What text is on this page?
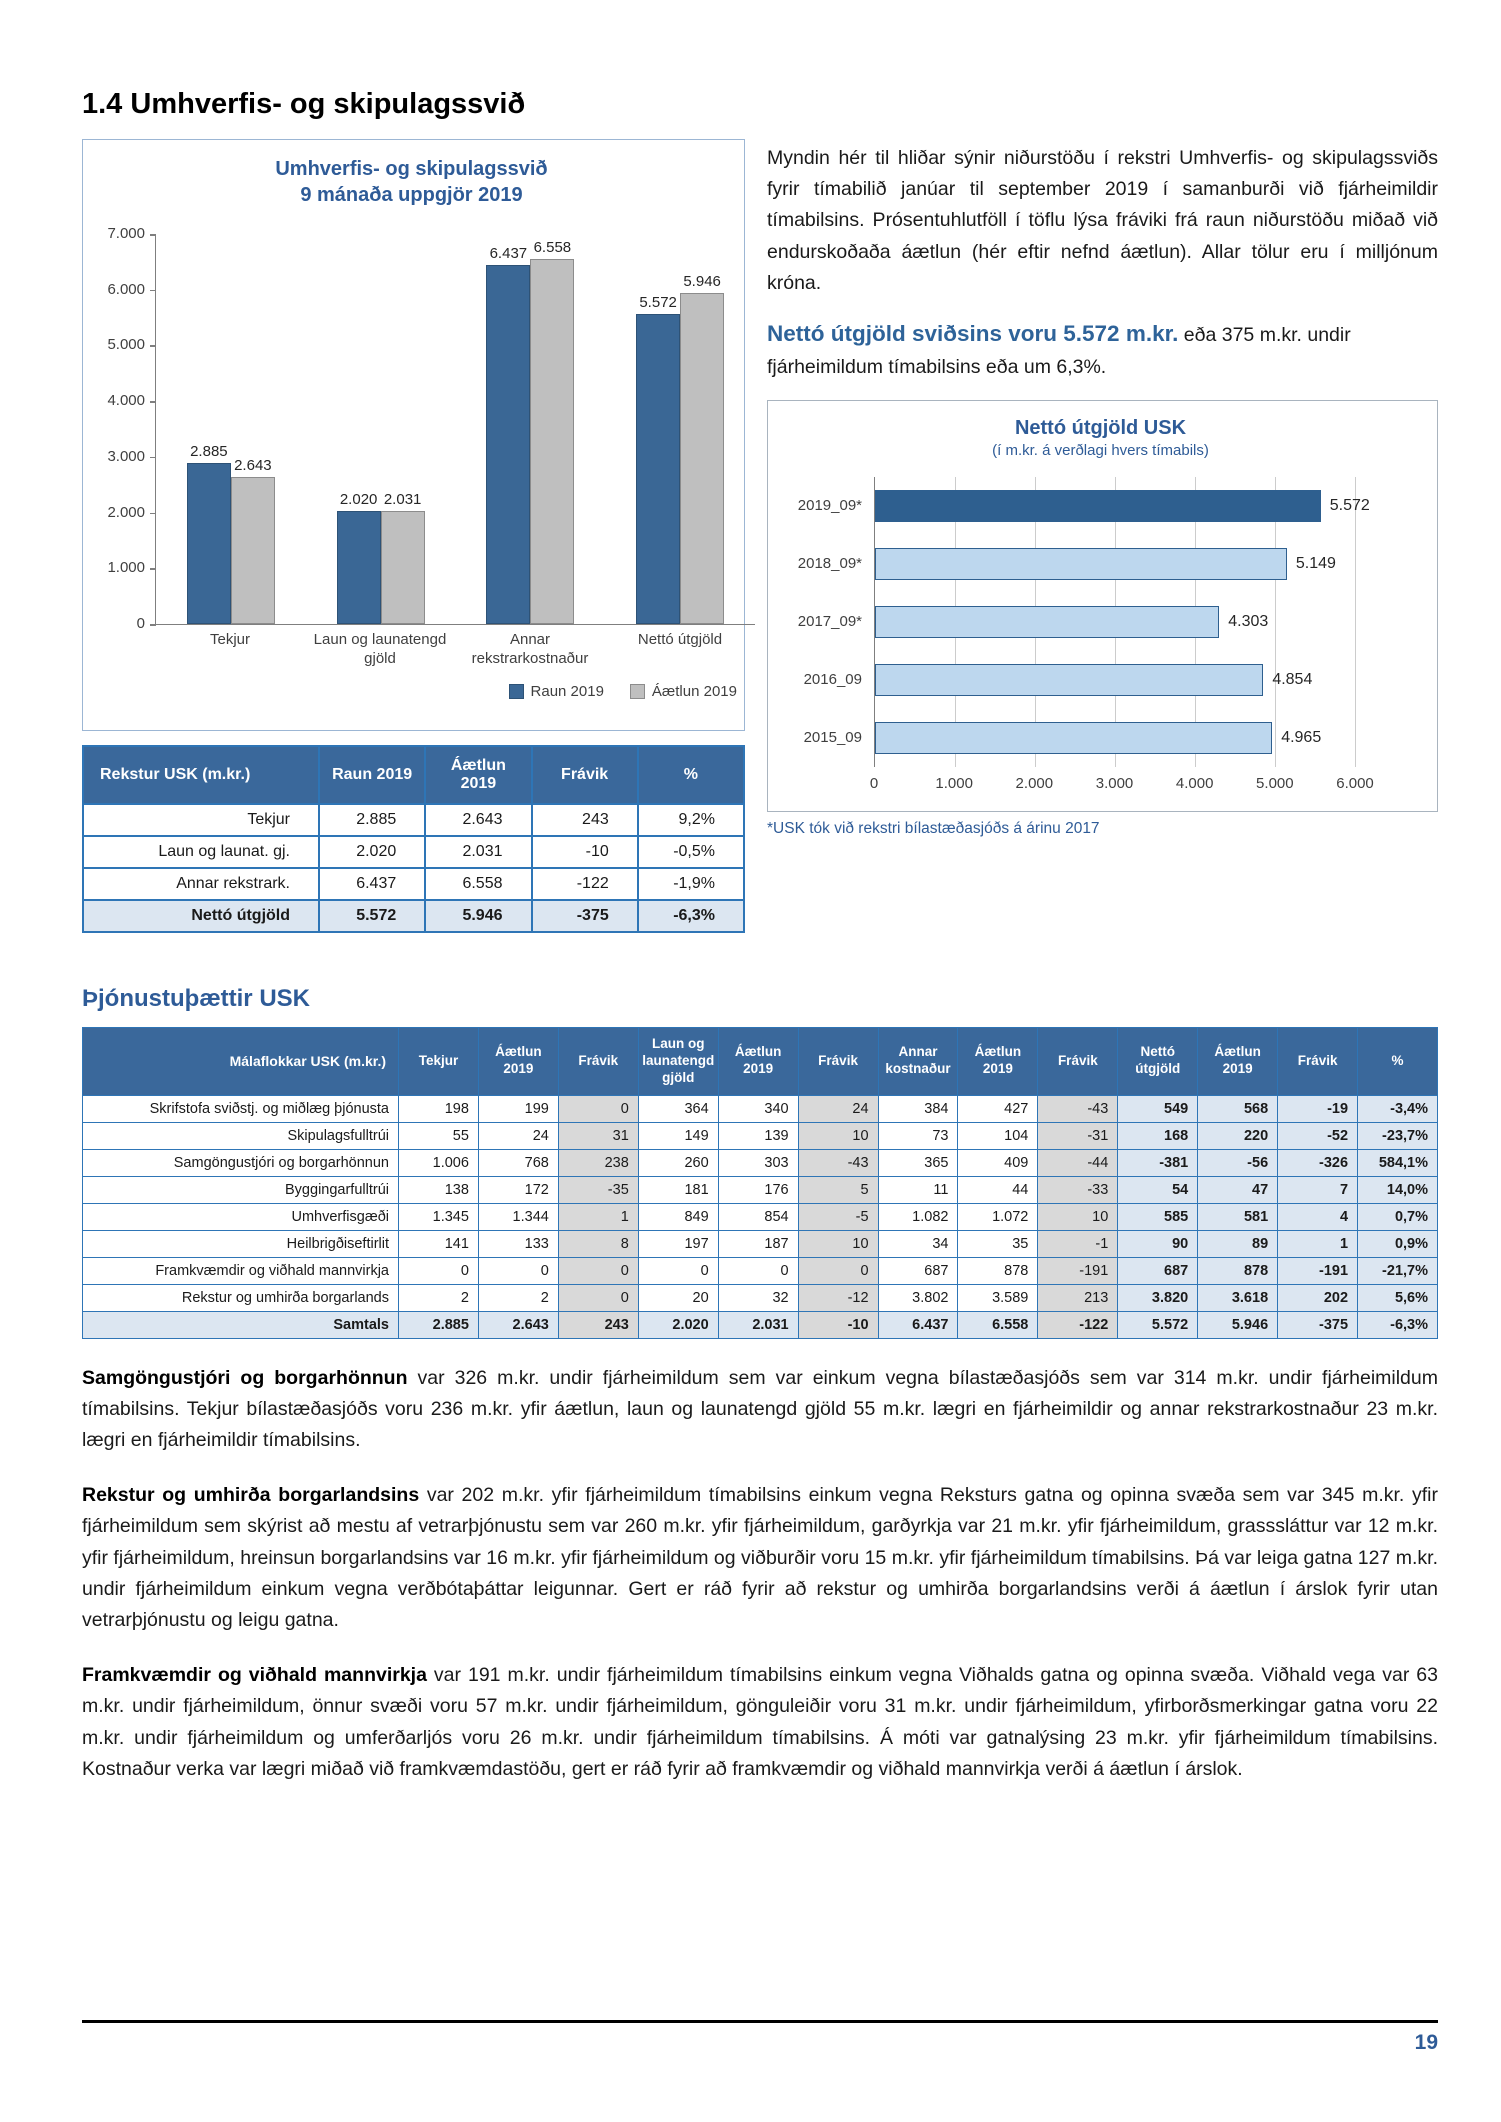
1.4 Umhverfis- og skipulagssvið
Umhverfis- og skipulagssvið
9 mánaða uppgjör 2019
7.000
6.000
5.000
4.000
3.000
2.000
1.000
0
2.885
2.643
2.020 2.031
6.437 6.558
5.572
5.946
Tekjur	Laun og launatengd gjöld
Annar rekstrarkostnaður
Nettó útgjöld
Raun 2019	Áætlun 2019
Rekstur USK (m.kr.)	Raun 2019	Áætlun 2019	Frávik	%
Tekjur	2.885	2.643	243	9,2%
Laun og launat. gj.	2.020	2.031	-10	-0,5%
Annar rekstrark.	6.437	6.558	-122	-1,9%
Nettó útgjöld	5.572	5.946	-375	-6,3%

Myndin hér til hliðar sýnir niðurstöðu í rekstri Umhverfis- og skipulagssviðs fyrir tímabilið janúar til september 2019 í samanburði við fjárheimildir tímabilsins. Prósentuhlutföll í töflu lýsa fráviki frá raun niðurstöðu miðað við endurskoðaða áætlun (hér eftir nefnd áætlun). Allar tölur eru í milljónum króna.

Nettó útgjöld sviðsins voru 5.572 m.kr. eða 375 m.kr. undir fjárheimildum tímabilsins eða um 6,3%.

Nettó útgjöld USK
(í m.kr. á verðlagi hvers tímabils)
2019_09*
2018_09*
2017_09*
2016_09
2015_09
5.572
5.149
4.303
4.854
4.965
0	1.000	2.000	3.000	4.000	5.000	6.000
*USK tók við rekstri bílastæðasjóðs á árinu 2017
Þjónustuþættir USK
Málaflokkar USK (m.kr.)	Tekjur	Áætlun 2019	Frávik	Laun og launatengd gjöld	Áætlun 2019	Frávik	Annar kostnaður	Áætlun 2019	Frávik	Nettó útgjöld	Áætlun 2019	Frávik	%
Skrifstofa sviðstj. og miðlæg þjónusta	198	199	0	364	340	24	384	427	-43	549	568	-19	-3,4%
Skipulagsfulltrúi	55	24	31	149	139	10	73	104	-31	168	220	-52	-23,7%
Samgöngustjóri og borgarhönnun	1.006	768	238	260	303	-43	365	409	-44	-381	-56	-326	584,1%
Byggingarfulltrúi	138	172	-35	181	176	5	11	44	-33	54	47	7	14,0%
Umhverfisgæði	1.345	1.344	1	849	854	-5	1.082	1.072	10	585	581	4	0,7%
Heilbrigðiseftirlit	141	133	8	197	187	10	34	35	-1	90	89	1	0,9%
Framkvæmdir og viðhald mannvirkja	0	0	0	0	0	0	687	878	-191	687	878	-191	-21,7%
Rekstur og umhirða borgarlands	2	2	0	20	32	-12	3.802	3.589	213	3.820	3.618	202	5,6%
Samtals	2.885	2.643	243	2.020	2.031	-10	6.437	6.558	-122	5.572	5.946	-375	-6,3%

Samgöngustjóri og borgarhönnun var 326 m.kr. undir fjárheimildum sem var einkum vegna bílastæðasjóðs sem var 314 m.kr. undir fjárheimildum tímabilsins. Tekjur bílastæðasjóðs voru 236 m.kr. yfir áætlun, laun og launatengd gjöld 55 m.kr. lægri en fjárheimildir og annar rekstrarkostnaður 23 m.kr. lægri en fjárheimildir tímabilsins.

Rekstur og umhirða borgarlandsins var 202 m.kr. yfir fjárheimildum tímabilsins einkum vegna Reksturs gatna og opinna svæða sem var 345 m.kr. yfir fjárheimildum sem skýrist að mestu af vetrarþjónustu sem var 260 m.kr. yfir fjárheimildum, garðyrkja var 21 m.kr. yfir fjárheimildum, grasssláttur var 12 m.kr. yfir fjárheimildum, hreinsun borgarlandsins var 16 m.kr. yfir fjárheimildum og viðburðir voru 15 m.kr. yfir fjárheimildum tímabilsins. Þá var leiga gatna 127 m.kr. undir fjárheimildum einkum vegna verðbótaþáttar leigunnar. Gert er ráð fyrir að rekstur og umhirða borgarlandsins verði á áætlun í árslok fyrir utan vetrarþjónustu og leigu gatna.

Framkvæmdir og viðhald mannvirkja var 191 m.kr. undir fjárheimildum tímabilsins einkum vegna Viðhalds gatna og opinna svæða. Viðhald vega var 63 m.kr. undir fjárheimildum, önnur svæði voru 57 m.kr. undir fjárheimildum, gönguleiðir voru 31 m.kr. undir fjárheimildum, yfirborðsmerkingar gatna voru 22 m.kr. undir fjárheimildum og umferðarljós voru 26 m.kr. undir fjárheimildum tímabilsins. Á móti var gatnalýsing 23 m.kr. yfir fjárheimildum tímabilsins. Kostnaður verka var lægri miðað við framkvæmdastöðu, gert er ráð fyrir að framkvæmdir og viðhald mannvirkja verði á áætlun í árslok.

19
